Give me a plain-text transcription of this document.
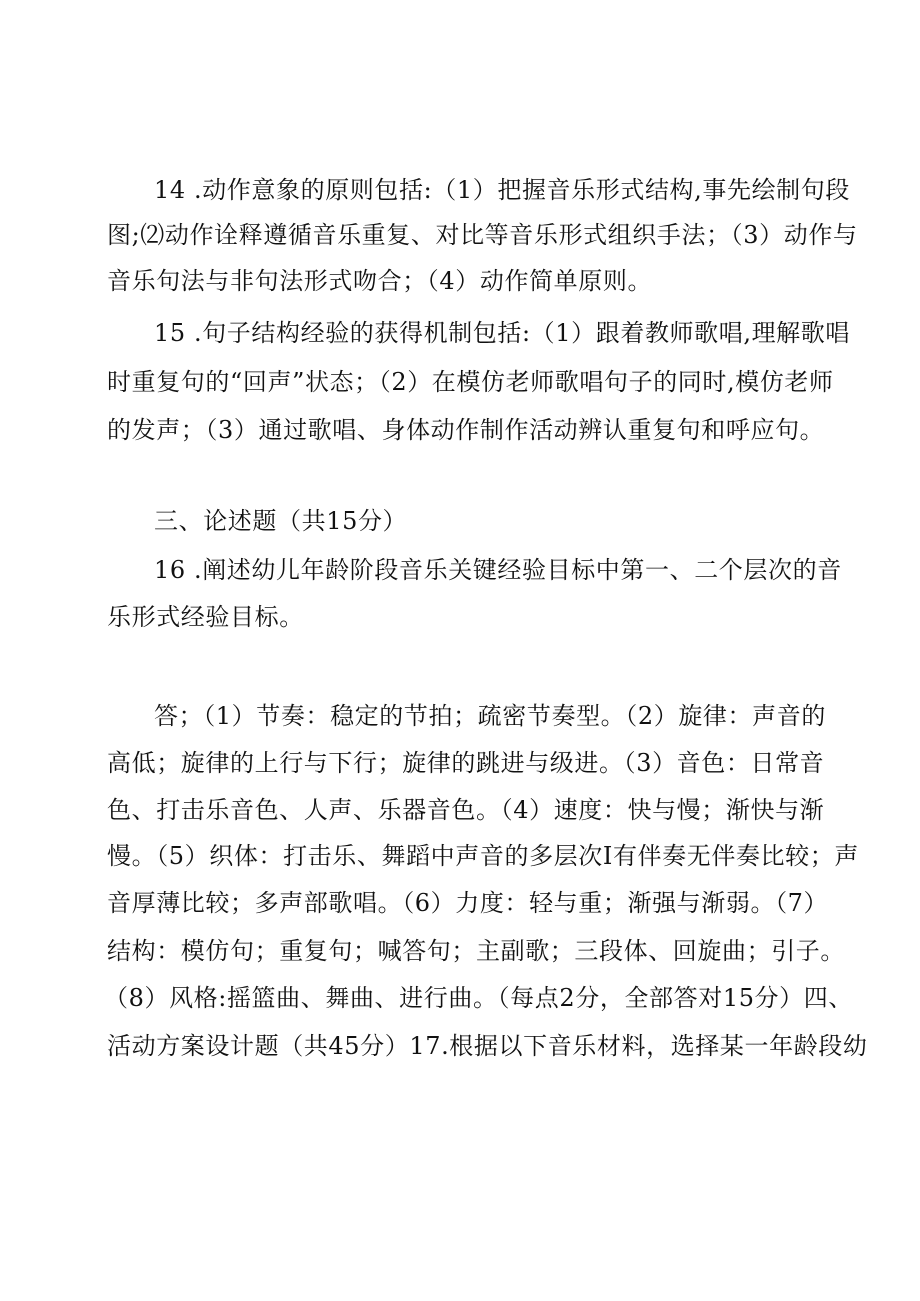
14 .动作意象的原则包括:（1）把握音乐形式结构,事先绘制句段
图;⑵动作诠释遵循音乐重复、对比等音乐形式组织手法；（3）动作与
音乐句法与非句法形式吻合；（4）动作简单原则。
15 .句子结构经验的获得机制包括:（1）跟着教师歌唱,理解歌唱
时重复句的“回声”状态；（2）在模仿老师歌唱句子的同时,模仿老师
的发声；（3）通过歌唱、身体动作制作活动辨认重复句和呼应句。
三、论述题（共15分）
16 .阐述幼儿年龄阶段音乐关键经验目标中第一、二个层次的音
乐形式经验目标。
答；（1）节奏：稳定的节拍；疏密节奏型。（2）旋律：声音的
高低；旋律的上行与下行；旋律的跳进与级进。（3）音色：日常音
色、打击乐音色、人声、乐器音色。（4）速度：快与慢；渐快与渐
慢。（5）织体：打击乐、舞蹈中声音的多层次I有伴奏无伴奏比较；声
音厚薄比较；多声部歌唱。（6）力度：轻与重；渐强与渐弱。（7）
结构：模仿句；重复句；喊答句；主副歌；三段体、回旋曲；引子。
（8）风格:摇篮曲、舞曲、进行曲。（每点2分，全部答对15分）四、
活动方案设计题（共45分）17.根据以下音乐材料，选择某一年龄段幼
